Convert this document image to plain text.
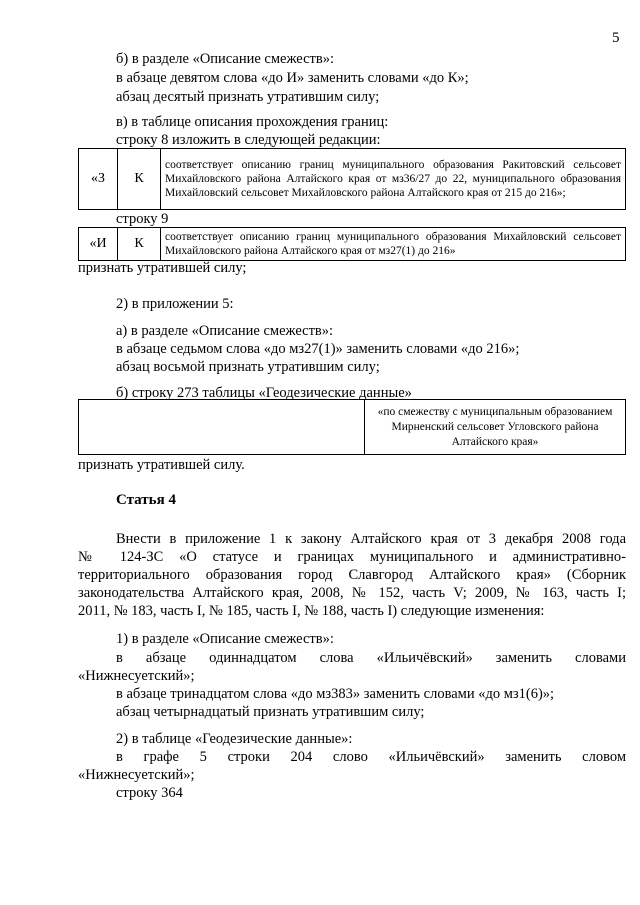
5
б) в разделе «Описание смежеств»:
в абзаце девятом слова «до И» заменить словами «до К»;
абзац десятый признать утратившим силу;
в) в таблице описания прохождения границ:
строку 8 изложить в следующей редакции:
«З	К	соответствует описанию границ муниципального образования Ракитовский сельсовет Михайловского района Алтайского края от мз36/27 до 22, муниципального образования Михайловский сельсовет Михайловского района Алтайского края от 215 до 216»;
строку 9
«И	К	соответствует описанию границ муниципального образования Михайловский сельсовет Михайловского района Алтайского края от мз27(1) до 216»
признать утратившей силу;
2) в приложении 5:
а) в разделе «Описание смежеств»:
в абзаце седьмом слова «до мз27(1)» заменить словами «до 216»;
абзац восьмой признать утратившим силу;
б) строку 273 таблицы «Геодезические данные»
	«по смежеству с муниципальным образованием Мирненский сельсовет Угловского района Алтайского края»
признать утратившей силу.
Статья 4
Внести в приложение 1 к закону Алтайского края от 3 декабря 2008 года
№ 124-ЗС «О статусе и границах муниципального и административно-
территориального образования город Славгород Алтайского края» (Сборник
законодательства Алтайского края, 2008, № 152, часть V; 2009, № 163, часть I;
2011, № 183, часть I, № 185, часть I, № 188, часть I) следующие изменения:
1) в разделе «Описание смежеств»:
в абзаце одиннадцатом слова «Ильичёвский» заменить словами
«Нижнесуетский»;
в абзаце тринадцатом слова «до мз383» заменить словами «до мз1(6)»;
абзац четырнадцатый признать утратившим силу;
2) в таблице «Геодезические данные»:
в графе 5 строки 204 слово «Ильичёвский» заменить словом
«Нижнесуетский»;
строку 364
